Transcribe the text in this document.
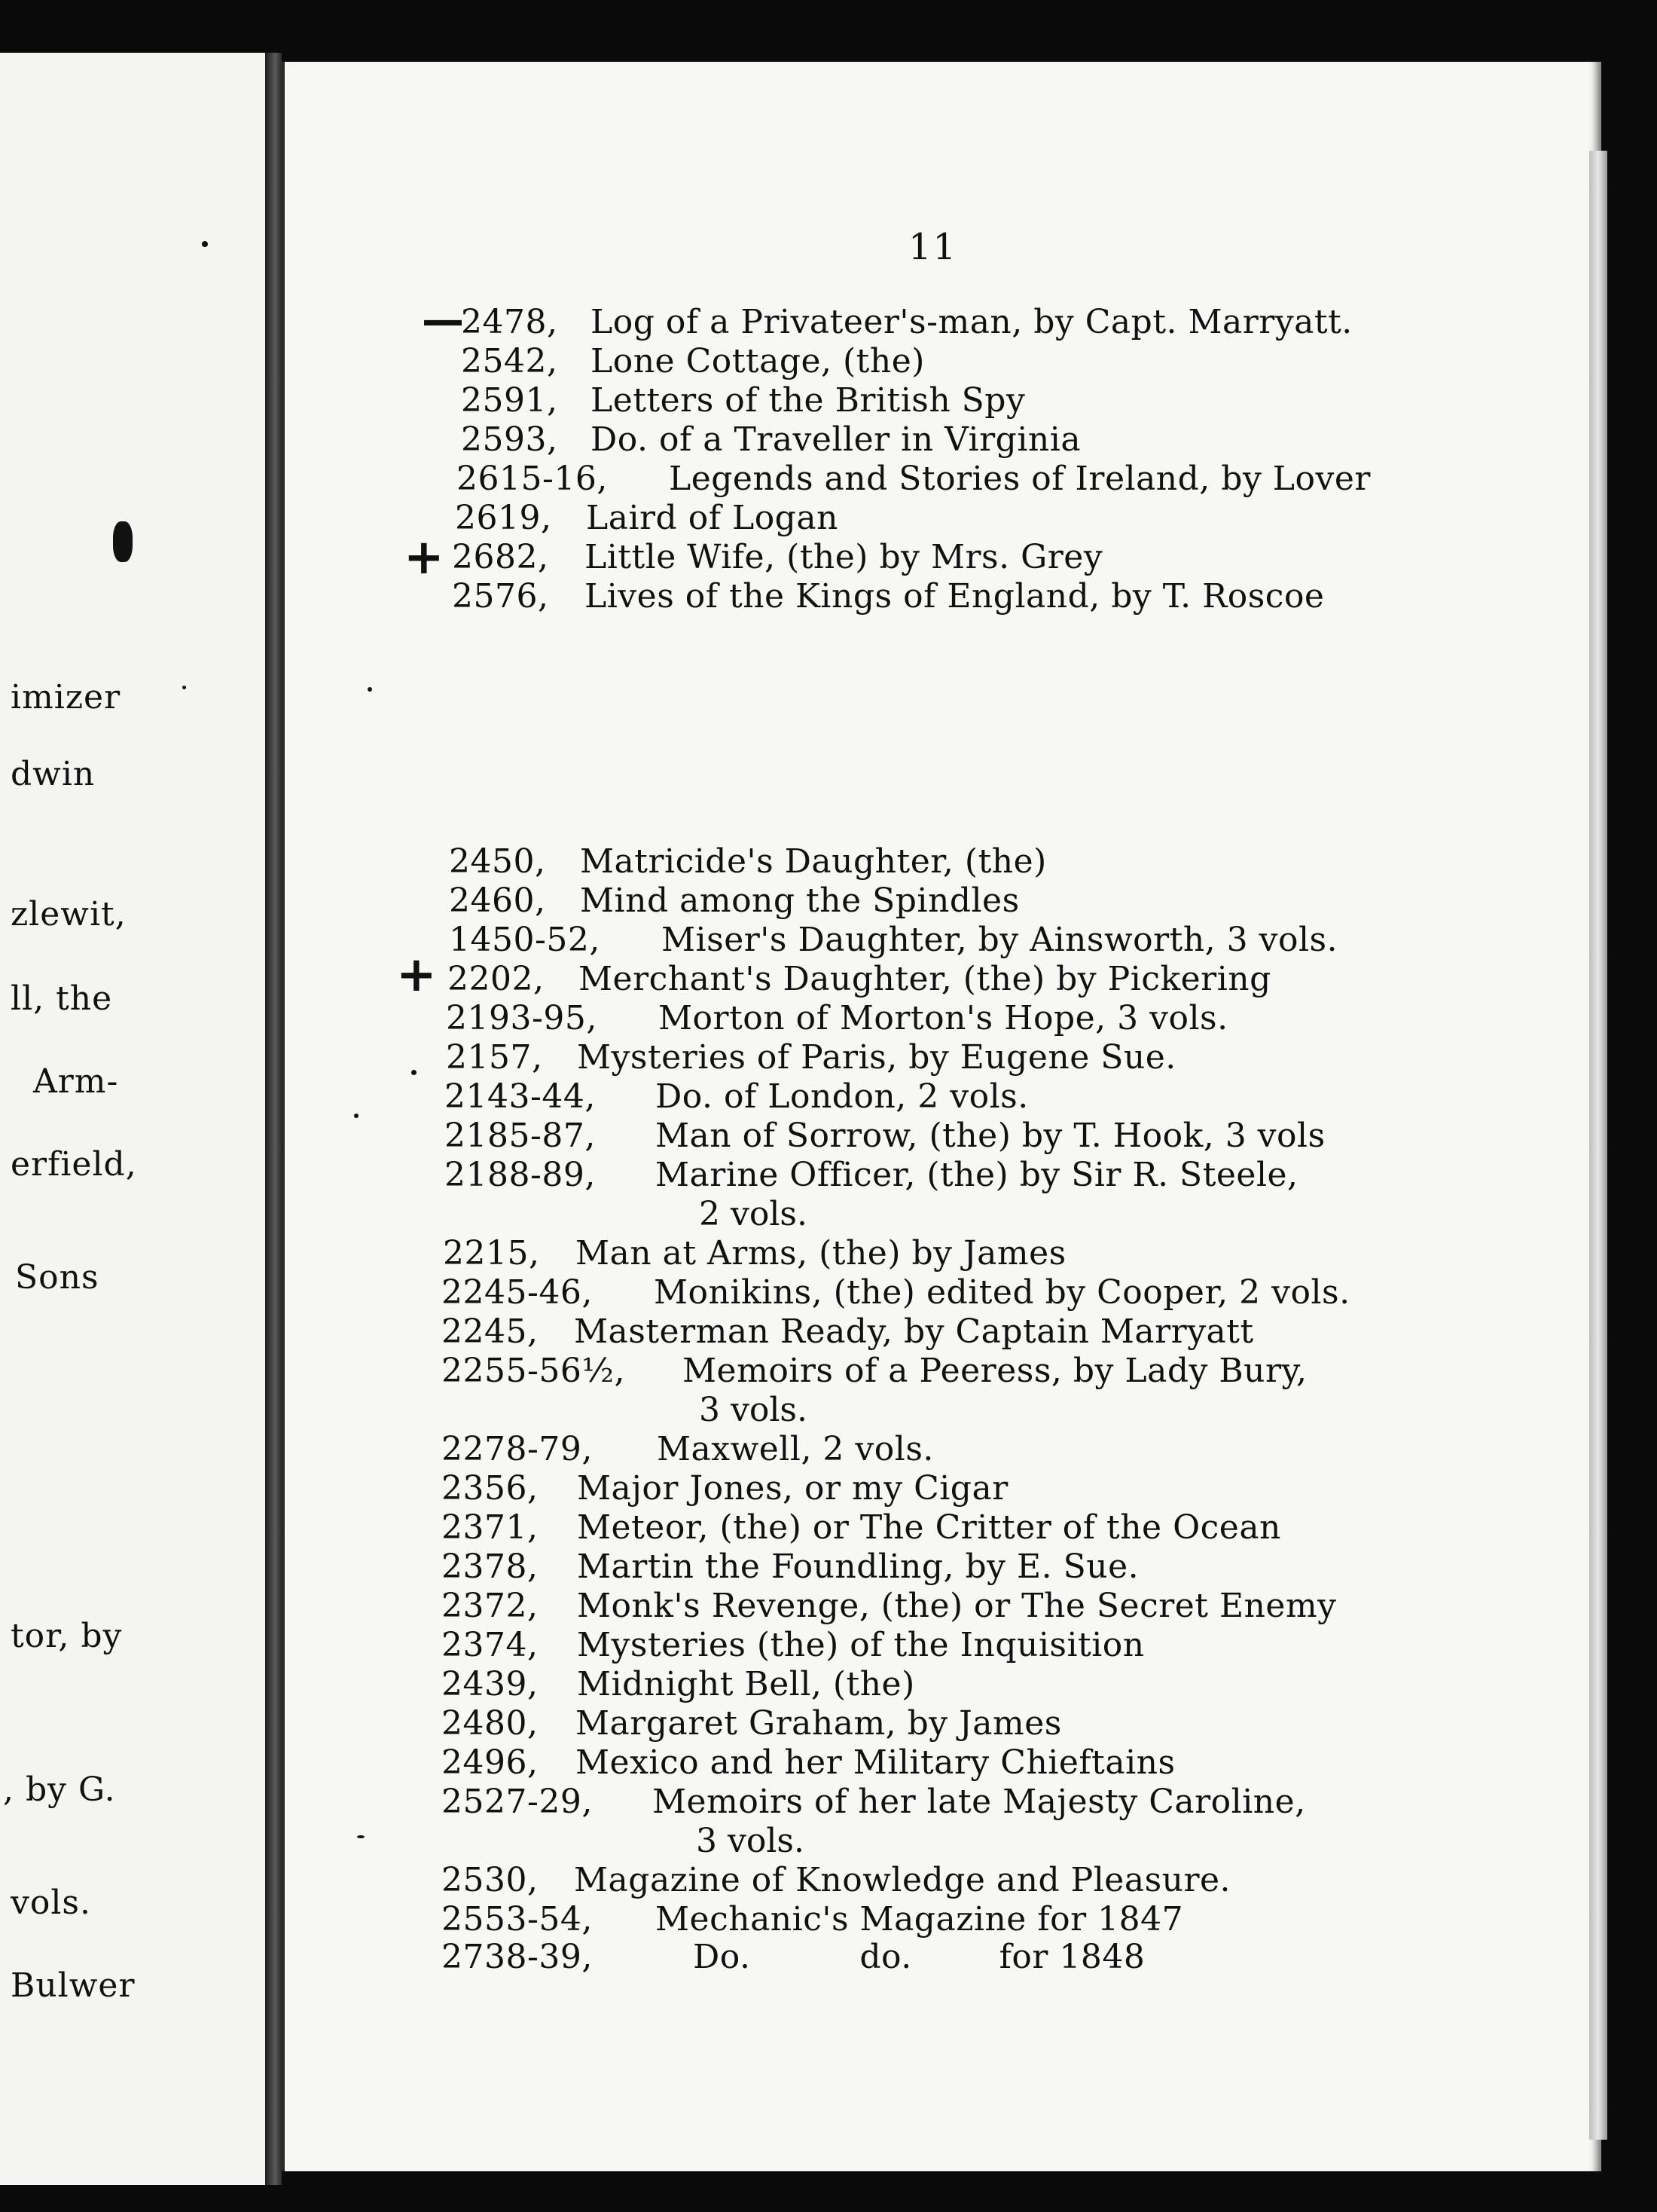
imizer
dwin
zlewit,
ll, the
Arm-
erfield,
Sons
tor, by
, by G.
vols.
Bulwer
11
—
+
+
2478, Log of a Privateer's-man, by Capt. Marryatt.
2542, Lone Cottage, (the)
2591, Letters of the British Spy
2593, Do. of a Traveller in Virginia
2615-16, Legends and Stories of Ireland, by Lover
2619, Laird of Logan
2682, Little Wife, (the) by Mrs. Grey
2576, Lives of the Kings of England, by T. Roscoe
2450, Matricide's Daughter, (the)
2460, Mind among the Spindles
1450-52, Miser's Daughter, by Ainsworth, 3 vols.
2202, Merchant's Daughter, (the) by Pickering
2193-95, Morton of Morton's Hope, 3 vols.
2157, Mysteries of Paris, by Eugene Sue.
2143-44, Do. of London, 2 vols.
2185-87, Man of Sorrow, (the) by T. Hook, 3 vols
2188-89, Marine Officer, (the) by Sir R. Steele,
2 vols.
2215, Man at Arms, (the) by James
2245-46, Monikins, (the) edited by Cooper, 2 vols.
2245, Masterman Ready, by Captain Marryatt
2255-56½, Memoirs of a Peeress, by Lady Bury,
3 vols.
2278-79, Maxwell, 2 vols.
2356, Major Jones, or my Cigar
2371, Meteor, (the) or The Critter of the Ocean
2378, Martin the Foundling, by E. Sue.
2372, Monk's Revenge, (the) or The Secret Enemy
2374, Mysteries (the) of the Inquisition
2439, Midnight Bell, (the)
2480, Margaret Graham, by James
2496, Mexico and her Military Chieftains
2527-29, Memoirs of her late Majesty Caroline,
3 vols.
2530, Magazine of Knowledge and Pleasure.
2553-54, Mechanic's Magazine for 1847
2738-39,	Do.          do.        for 1848
